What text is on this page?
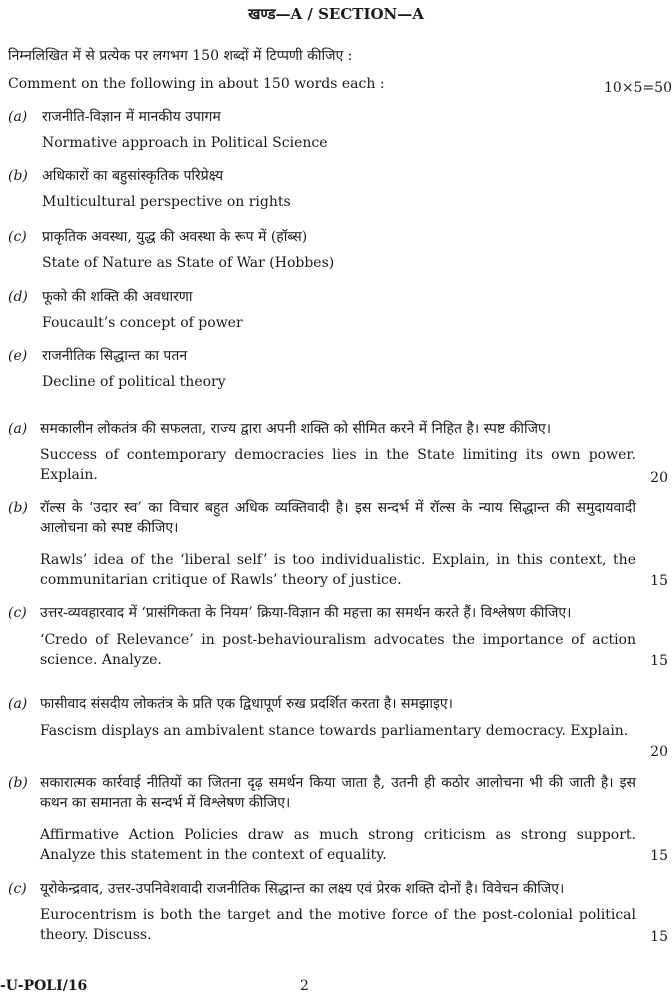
खण्ड—A / SECTION—A
निम्नलिखित में से प्रत्येक पर लगभग 150 शब्दों में टिप्पणी कीजिए :
Comment on the following in about 150 words each :	10×5=50
(a) राजनीति-विज्ञान में मानकीय उपागम
Normative approach in Political Science
(b) अधिकारों का बहुसांस्कृतिक परिप्रेक्ष्य
Multicultural perspective on rights
(c) प्राकृतिक अवस्था, युद्ध की अवस्था के रूप में (हॉब्स)
State of Nature as State of War (Hobbes)
(d) फूको की शक्ति की अवधारणा
Foucault’s concept of power
(e) राजनीतिक सिद्धान्त का पतन
Decline of political theory
(a) समकालीन लोकतंत्र की सफलता, राज्य द्वारा अपनी शक्ति को सीमित करने में निहित है। स्पष्ट कीजिए।
Success of contemporary democracies lies in the State limiting its own power. Explain.	20
(b) रॉल्स के ‘उदार स्व’ का विचार बहुत अधिक व्यक्तिवादी है। इस सन्दर्भ में रॉल्स के न्याय सिद्धान्त की समुदायवादी आलोचना को स्पष्ट कीजिए।
Rawls’ idea of the ‘liberal self’ is too individualistic. Explain, in this context, the communitarian critique of Rawls’ theory of justice.	15
(c) उत्तर-व्यवहारवाद में ‘प्रासंगिकता के नियम’ क्रिया-विज्ञान की महत्ता का समर्थन करते हैं। विश्लेषण कीजिए।
‘Credo of Relevance’ in post-behaviouralism advocates the importance of action science. Analyze.	15
(a) फासीवाद संसदीय लोकतंत्र के प्रति एक द्विधापूर्ण रुख प्रदर्शित करता है। समझाइए।
Fascism displays an ambivalent stance towards parliamentary democracy. Explain.
20
(b) सकारात्मक कार्रवाई नीतियों का जितना दृढ़ समर्थन किया जाता है, उतनी ही कठोर आलोचना भी की जाती है। इस कथन का समानता के सन्दर्भ में विश्लेषण कीजिए।
Affirmative Action Policies draw as much strong criticism as strong support. Analyze this statement in the context of equality.	15
(c) यूरोकेन्द्रवाद, उत्तर-उपनिवेशवादी राजनीतिक सिद्धान्त का लक्ष्य एवं प्रेरक शक्ति दोनों है। विवेचन कीजिए।
Eurocentrism is both the target and the motive force of the post-colonial political theory. Discuss.	15
-U-POLI/16	2
